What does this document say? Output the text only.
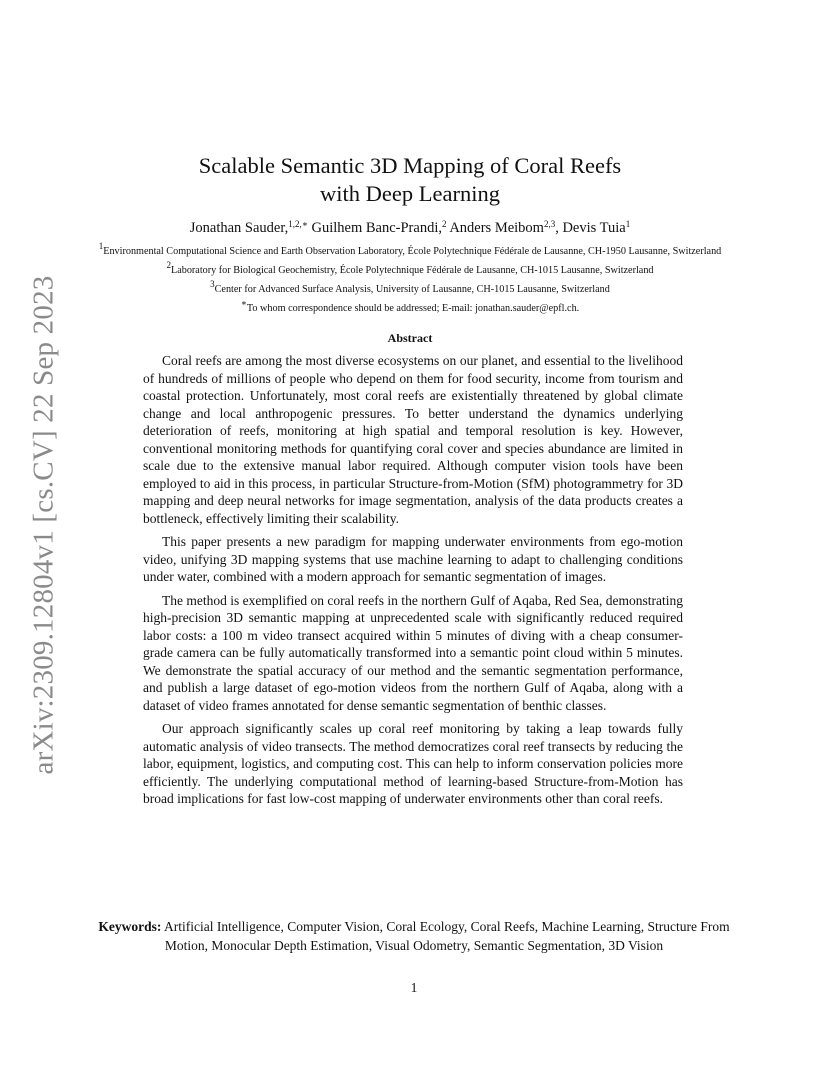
arXiv:2309.12804v1 [cs.CV] 22 Sep 2023
Scalable Semantic 3D Mapping of Coral Reefs
with Deep Learning
Jonathan Sauder,$^{1,2,∗}$ Guilhem Banc-Prandi,$^2$ Anders Meibom$^{2,3}$, Devis Tuia$^1$
$^1$Environmental Computational Science and Earth Observation Laboratory, École Polytechnique Fédérale de Lausanne, CH-1950 Lausanne, Switzerland
$^2$Laboratory for Biological Geochemistry, École Polytechnique Fédérale de Lausanne, CH-1015 Lausanne, Switzerland
$^3$Center for Advanced Surface Analysis, University of Lausanne, CH-1015 Lausanne, Switzerland
∗To whom correspondence should be addressed; E-mail: jonathan.sauder@epfl.ch.
Abstract

Coral reefs are among the most diverse ecosystems on our planet, and essential to the livelihood of hundreds of millions of people who depend on them for food security, income from tourism and coastal protection. Unfortunately, most coral reefs are existentially threatened by global climate change and local anthropogenic pressures. To better understand the dynamics underlying deterioration of reefs, monitoring at high spatial and temporal resolution is key. However, conventional monitoring methods for quantifying coral cover and species abundance are limited in scale due to the extensive manual labor required. Although computer vision tools have been employed to aid in this process, in particular Structure-from-Motion (SfM) photogrammetry for 3D mapping and deep neural networks for image segmentation, analysis of the data products creates a bottleneck, effectively limiting their scalability.

This paper presents a new paradigm for mapping underwater environments from ego-motion video, unifying 3D mapping systems that use machine learning to adapt to challenging conditions under water, combined with a modern approach for semantic segmentation of images.

The method is exemplified on coral reefs in the northern Gulf of Aqaba, Red Sea, demonstrating high-precision 3D semantic mapping at unprecedented scale with significantly reduced required labor costs: a 100 m video transect acquired within 5 minutes of diving with a cheap consumer-grade camera can be fully automatically transformed into a semantic point cloud within 5 minutes. We demonstrate the spatial accuracy of our method and the semantic segmentation performance, and publish a large dataset of ego-motion videos from the northern Gulf of Aqaba, along with a dataset of video frames annotated for dense semantic segmentation of benthic classes.

Our approach significantly scales up coral reef monitoring by taking a leap towards fully automatic analysis of video transects. The method democratizes coral reef transects by reducing the labor, equipment, logistics, and computing cost. This can help to inform conservation policies more efficiently. The underlying computational method of learning-based Structure-from-Motion has broad implications for fast low-cost mapping of underwater environments other than coral reefs.

Keywords: Artificial Intelligence, Computer Vision, Coral Ecology, Coral Reefs, Machine Learning, Structure From Motion, Monocular Depth Estimation, Visual Odometry, Semantic Segmentation, 3D Vision
1
